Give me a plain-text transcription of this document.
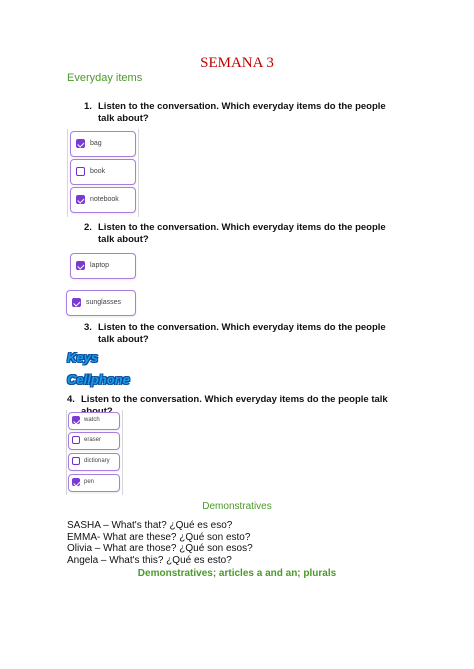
SEMANA 3
Everyday items
1. Listen to the conversation. Which everyday items do the people talk about?
bag
book
notebook
2. Listen to the conversation. Which everyday items do the people talk about?
laptop
sunglasses
3. Listen to the conversation. Which everyday items do the people talk about?
Keys
Cellphone
4. Listen to the conversation. Which everyday items do the people talk
watch
eraser
dictionary
pen
Demonstratives
SASHA – What's that? ¿Qué es eso?
EMMA- What are these? ¿Qué son esto?
Olivia – What are those? ¿Qué son esos?
Angela – What's this? ¿Qué es esto?
Demonstratives; articles a and an; plurals
